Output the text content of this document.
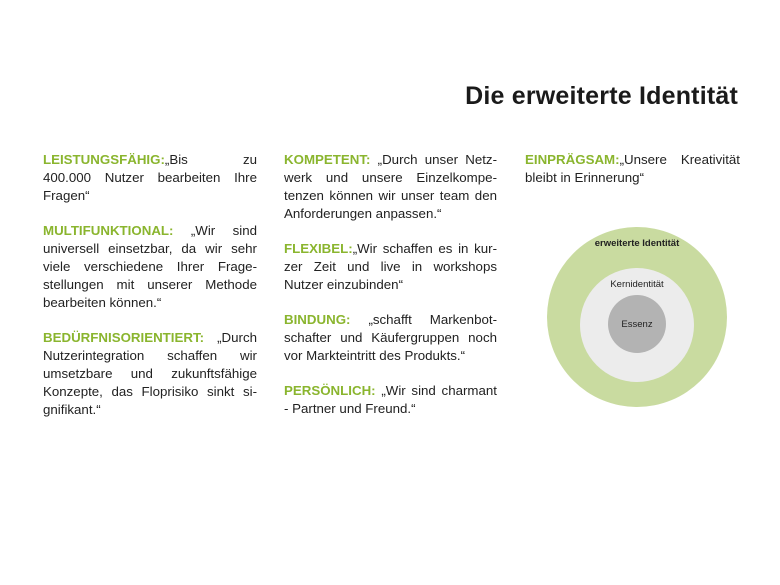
Die erweiterte Identität

LEISTUNGSFÄHIG:„Bis zu 400.000 Nutzer bearbeiten Ihre Fragen“

MULTIFUNKTIONAL: „Wir sind universell einsetzbar, da wir sehr viele verschiedene Ihrer Fragestellungen mit unserer Methode bearbeiten können.“

BEDÜRFNISORIENTIERT: „Durch Nutzerintegration schaffen wir umsetzbare und zukunftsfähige Konzepte, das Floprisiko sinkt signifikant.“

KOMPETENT: „Durch unser Netzwerk und unsere Einzelkompetenzen können wir unser team den Anforderungen anpassen.“

FLEXIBEL:„Wir schaffen es in kurzer Zeit und live in workshops Nutzer einzubinden“

BINDUNG: „schafft Markenbotschafter und Käufergruppen noch vor Markteintritt des Produkts.“

PERSÖNLICH: „Wir sind charmant - Partner und Freund.“

EINPRÄGSAM:„Unsere Kreativität bleibt in Erinnerung“

erweiterte Identität
Kernidentität
Essenz
